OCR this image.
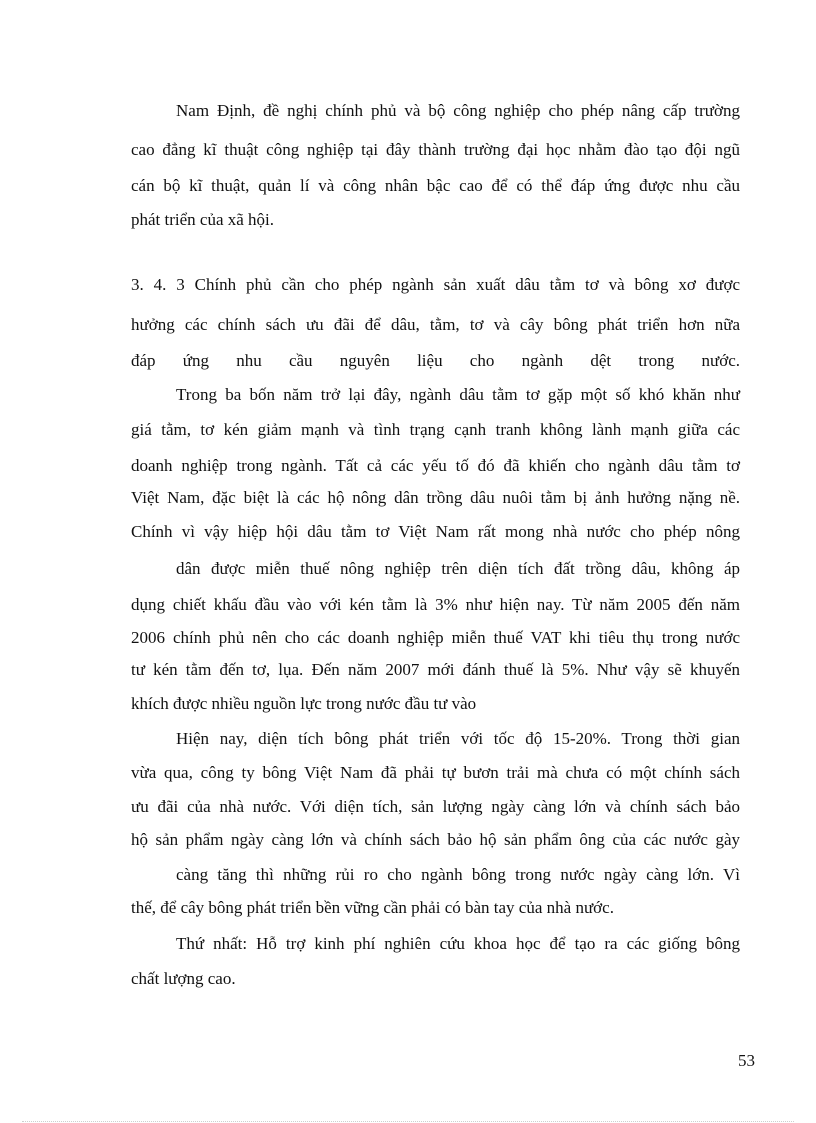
Nam Định, đề nghị chính phủ và bộ công nghiệp cho phép nâng cấp trường

cao đẳng kĩ thuật công nghiệp tại đây thành trường đại học nhằm đào tạo đội ngũ

cán bộ kĩ thuật, quản lí và công nhân bậc cao để có thể đáp ứng được nhu cầu

phát triển của xã hội.

3. 4. 3 Chính phủ cần cho phép ngành sản xuất dâu tằm tơ và bông xơ được

hưởng các chính sách ưu đãi để dâu, tằm, tơ và cây bông phát triển hơn nữa

đáp ứng nhu cầu nguyên liệu cho ngành dệt trong nước.

Trong ba bốn năm trở lại đây, ngành dâu tằm tơ gặp một số khó khăn như

giá tằm, tơ kén giảm mạnh và tình trạng cạnh tranh không lành mạnh giữa các

doanh nghiệp trong ngành. Tất cả các yếu tố đó đã khiến cho ngành dâu tằm tơ

Việt Nam, đặc biệt là các hộ nông dân trồng dâu nuôi tằm bị ảnh hưởng nặng nề.

Chính vì vậy hiệp hội dâu tằm tơ Việt Nam rất mong nhà nước cho phép nông

dân được miễn thuế nông nghiệp trên diện tích đất trồng dâu, không áp

dụng chiết khấu đầu vào với kén tằm là 3% như hiện nay. Từ năm 2005 đến năm

2006 chính phủ nên cho các doanh nghiệp miễn thuế VAT khi tiêu thụ trong nước

tư kén tằm đến tơ, lụa. Đến năm 2007 mới đánh thuế là 5%. Như vậy sẽ khuyến

khích được nhiều nguồn lực trong nước đầu tư vào

Hiện nay, diện tích bông phát triển với tốc độ 15-20%. Trong thời gian

vừa qua, công ty bông Việt Nam đã phải tự bươn trải mà chưa có một chính sách

ưu đãi của nhà nước. Với diện tích, sản lượng ngày càng lớn và chính sách bảo

hộ sản phẩm ngày càng lớn và chính sách bảo hộ sản phẩm ông của các nước gày

càng tăng thì những rủi ro cho ngành bông trong nước ngày càng lớn. Vì

thế, để cây bông phát triển bền vững cần phải có bàn tay của nhà nước.

Thứ nhất: Hỗ trợ kinh phí nghiên cứu khoa học để tạo ra các giống bông

chất lượng cao.

53
